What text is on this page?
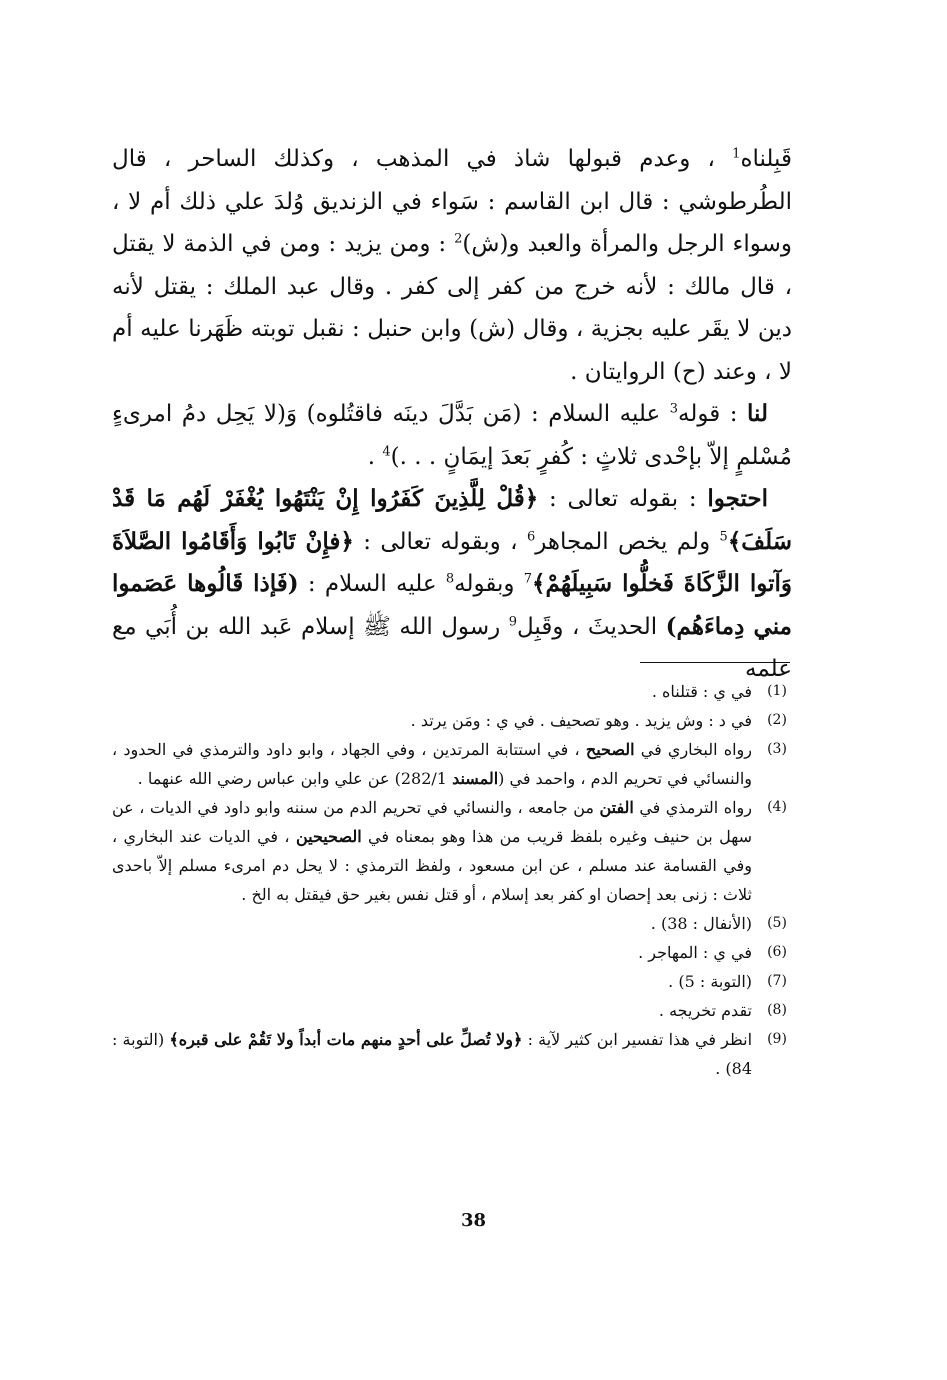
قَبِلناه$^1$ ، وعدم قبولها شاذ في المذهب ، وكذلك الساحر ، قال الطُرطوشي : قال ابن القاسم : سَواء في الزنديق وُلدَ علي ذلك أم لا ، وسواء الرجل والمرأة والعبد و(ش)$^2$ : ومن يزيد : ومن في الذمة لا يقتل ، قال مالك : لأنه خرج من كفر إلى كفر . وقال عبد الملك : يقتل لأنه دين لا يقَر عليه بجزية ، وقال (ش) وابن حنبل : نقبل توبته ظَهَرنا عليه أم لا ، وعند (ح) الروايتان .

لنا : قوله$^3$ عليه السلام : (مَن بَدَّلَ دينَه فاقتُلوه) وَ(لا يَحِل دمُ امرىءٍ مُسْلمٍ إلاّ بإحْدى ثلاثٍ : كُفرٍ بَعدَ إيمَانٍ . . .)$^4$ .

احتجوا : بقوله تعالى : ﴿قُلْ لِلَّذِينَ كَفَرُوا إِنْ يَنْتَهُوا يُغْفَرْ لَهُم مَا قَدْ سَلَفَ﴾$^5$ ولم يخص المجاهر$^6$ ، وبقوله تعالى : ﴿فإِنْ تَابُوا وَأَقَامُوا الصَّلاَةَ وَآتوا الزَّكَاةَ فَخلُّوا سَبِيلَهُمْ﴾$^7$ وبقوله$^8$ عليه السلام : (فَإذا قَالُوها عَصَموا مني دِماءَهُم) الحديثَ ، وقَبِل$^9$ رسول الله ﷺ إسلام عَبد الله بن أُبَي مع علمه

(1)
في ي : قتلناه .
(2)
في د : وش يزيد . وهو تصحيف . في ي : ومَن يرتد .
(3)
رواه البخاري في الصحيح ، في استتابة المرتدين ، وفي الجهاد ، وابو داود والترمذي في الحدود ، والنسائي في تحريم الدم ، واحمد في (المسند 282/1) عن علي وابن عباس رضي الله عنهما .
(4)
رواه الترمذي في الفتن من جامعه ، والنسائي في تحريم الدم من سننه وابو داود في الديات ، عن سهل بن حنيف وغيره بلفظ قريب من هذا وهو بمعناه في الصحيحين ، في الديات عند البخاري ، وفي القسامة عند مسلم ، عن ابن مسعود ، ولفظ الترمذي : لا يحل دم امرىء مسلم إلاّ باحدى ثلاث : زنى بعد إحصان او كفر بعد إسلام ، أو قتل نفس بغير حق فيقتل به الخ .
(5)
(الأنفال : 38) .
(6)
في ي : المهاجر .
(7)
(التوبة : 5) .
(8)
تقدم تخريجه .
(9)
انظر في هذا تفسير ابن كثير لآية : ﴿ولا تُصلِّ على أحدٍ منهم مات أبداً ولا تَقُمْ على قبره﴾ (التوبة : 84) .
38
